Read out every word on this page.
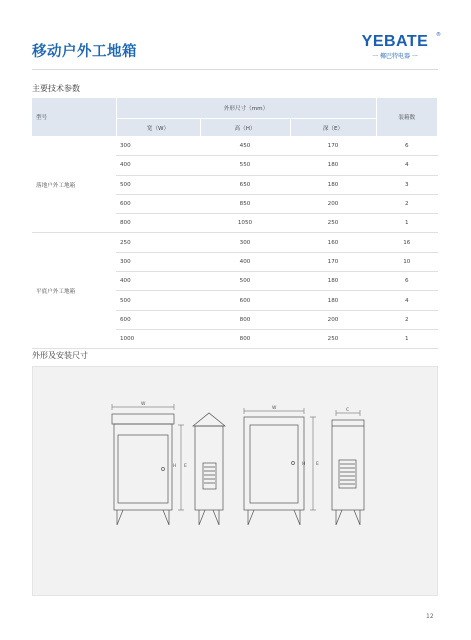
移动户外工地箱
YEBATE	®
一 椰巴特电器 一
主要技术参数
型号	外形尺寸（mm）			装箱数
	宽（W）	高（H）	深（E）	
落地户外工地箱	300	450	170	6
	400	550	180	4
	500	650	180	3
	600	850	200	2
	800	1050	250	1
平底户外工地箱	250	300	160	16
	300	400	170	10
	400	500	180	6
	500	600	180	4
	600	800	200	2
	1000	800	250	1
外形及安装尺寸
W
H E
W
H E
C
12
